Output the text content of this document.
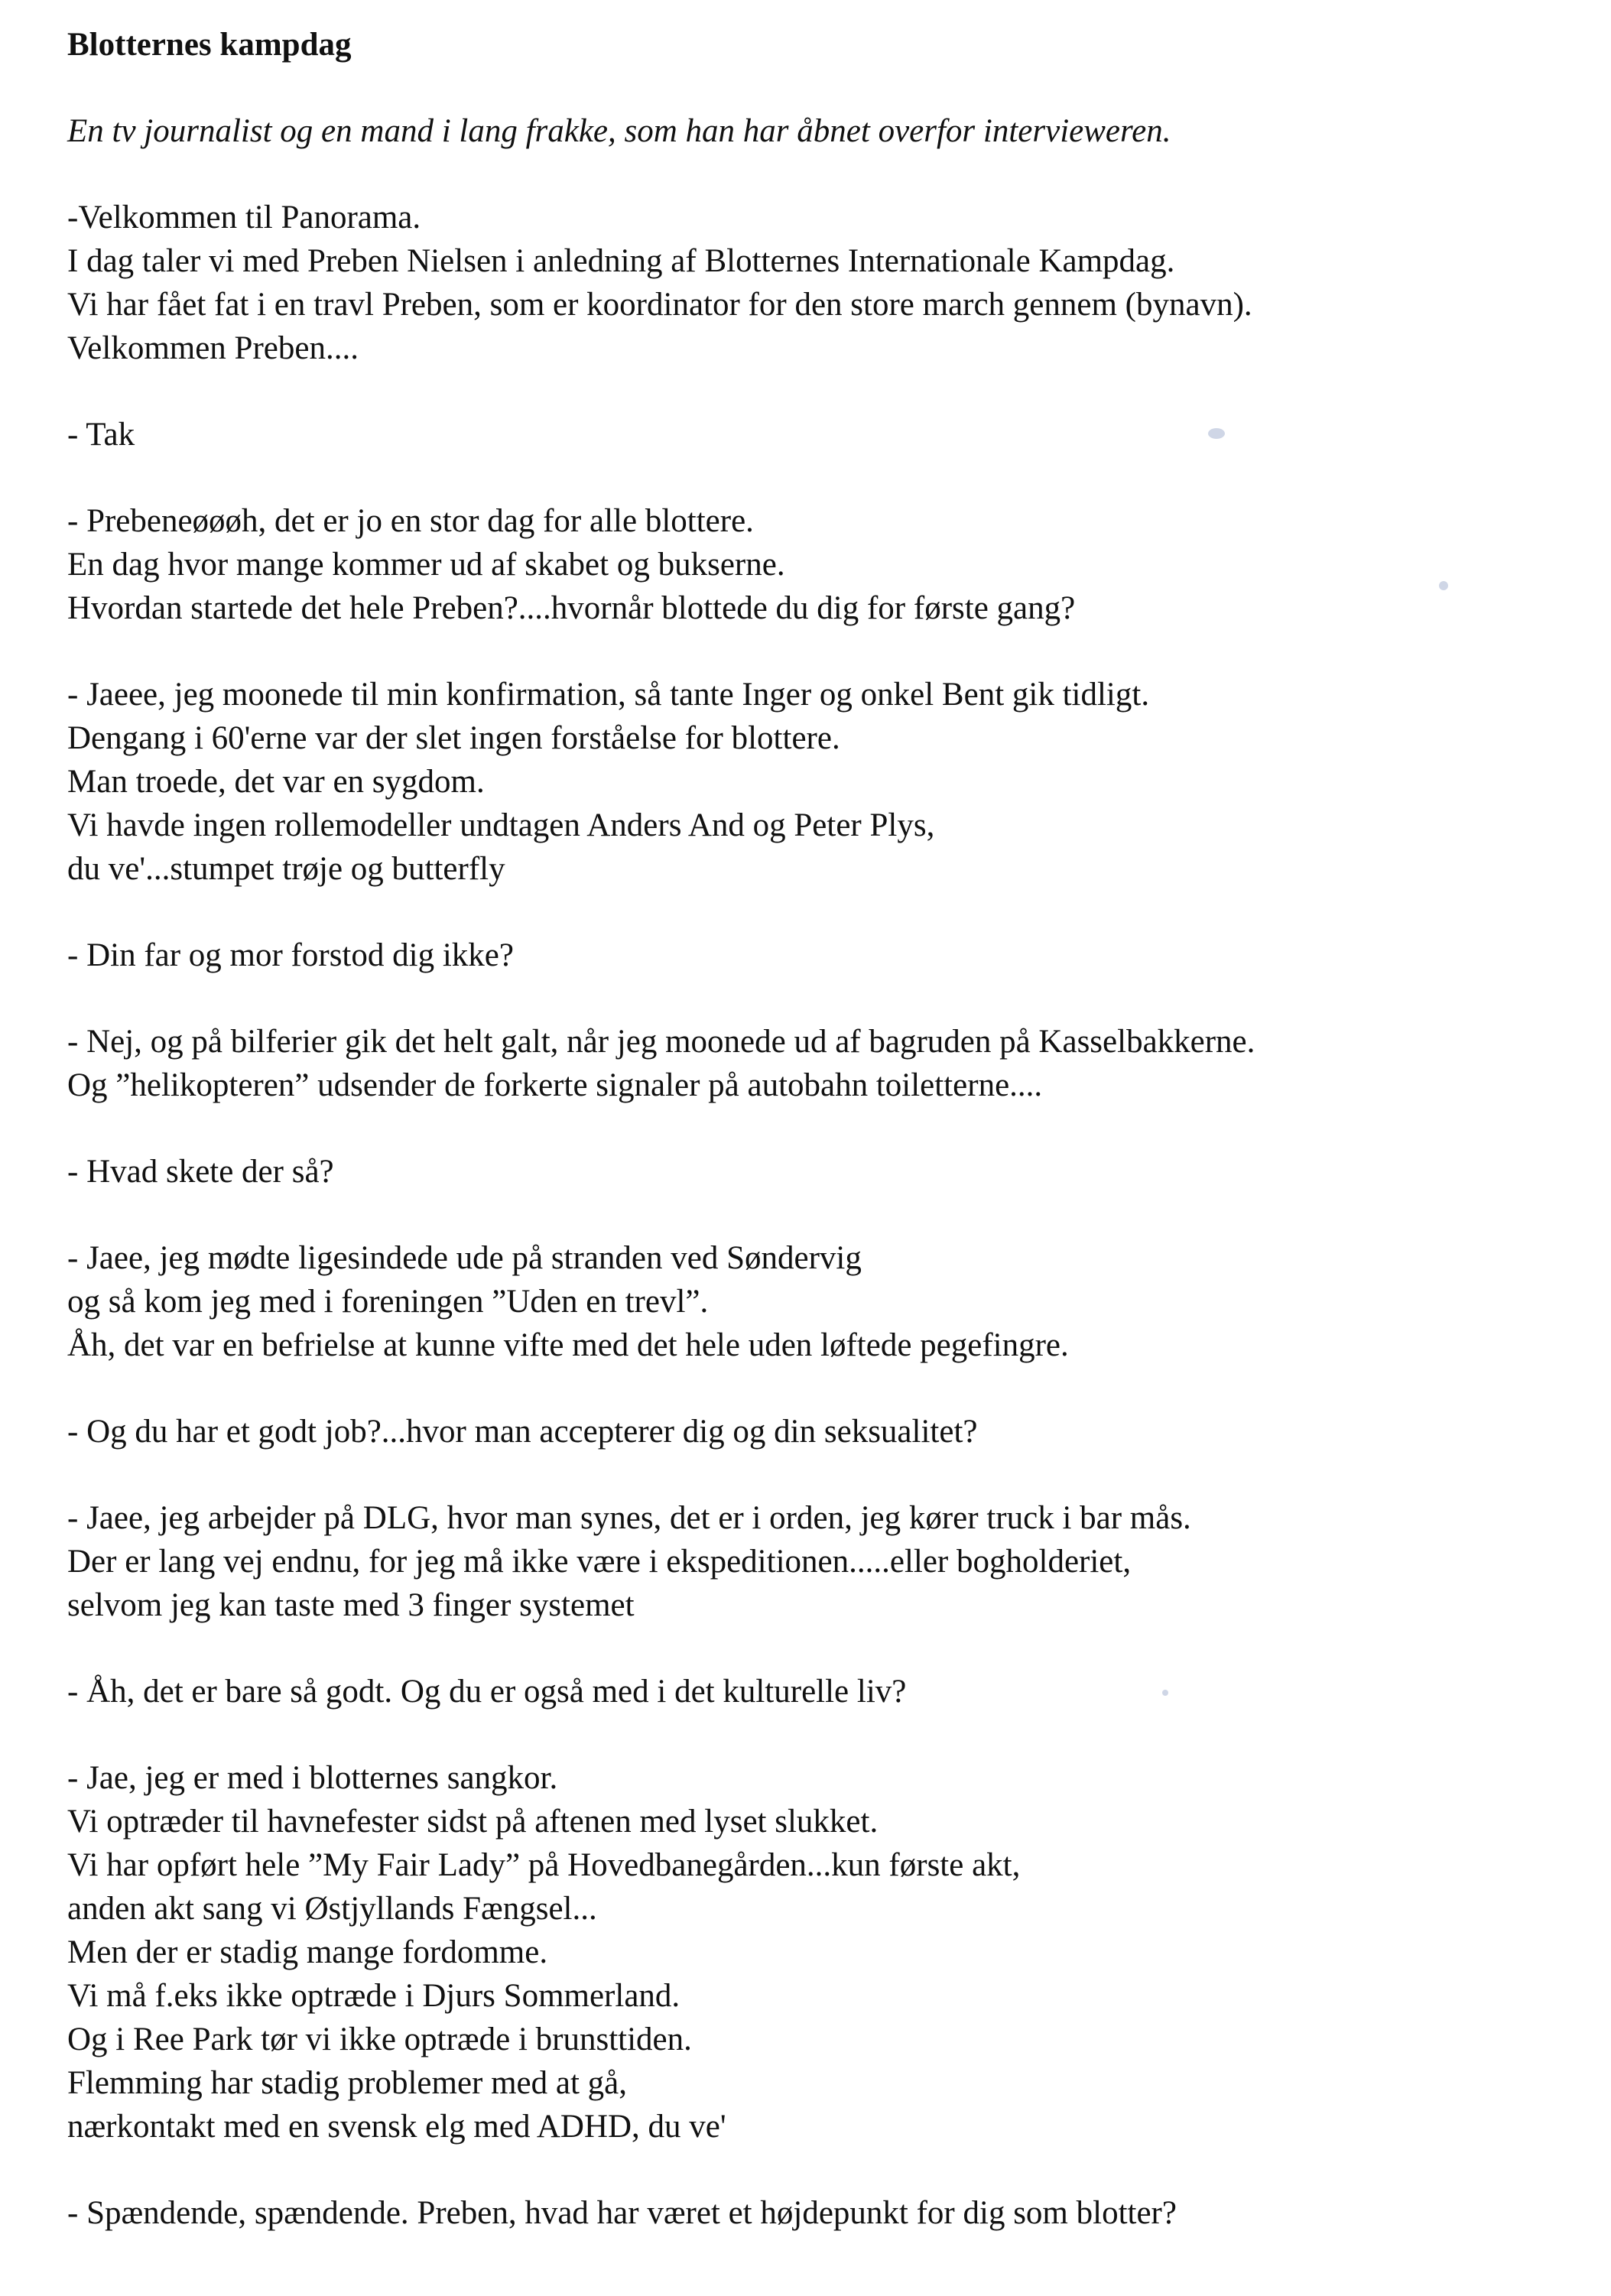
Blotternes kampdag

En tv journalist og en mand i lang frakke, som han har åbnet overfor intervieweren.

-Velkommen til Panorama.
I dag taler vi med Preben Nielsen i anledning af Blotternes Internationale Kampdag.
Vi har fået fat i en travl Preben, som er koordinator for den store march gennem (bynavn).
Velkommen Preben....

- Tak

- Prebeneøøøh, det er jo en stor dag for alle blottere.
En dag hvor mange kommer ud af skabet og bukserne.
Hvordan startede det hele Preben?....hvornår blottede du dig for første gang?

- Jaeee, jeg moonede til min konfirmation, så tante Inger og onkel Bent gik tidligt.
Dengang i 60'erne var der slet ingen forståelse for blottere.
Man troede, det var en sygdom.
Vi havde ingen rollemodeller undtagen Anders And og Peter Plys,
du ve'...stumpet trøje og butterfly

- Din far og mor forstod dig ikke?

- Nej, og på bilferier gik det helt galt, når jeg moonede ud af bagruden på Kasselbakkerne.
Og ”helikopteren” udsender de forkerte signaler på autobahn toiletterne....

- Hvad skete der så?

- Jaee, jeg mødte ligesindede ude på stranden ved Søndervig
og så kom jeg med i foreningen ”Uden en trevl”.
Åh, det var en befrielse at kunne vifte med det hele uden løftede pegefingre.

- Og du har et godt job?...hvor man accepterer dig og din seksualitet?

- Jaee, jeg arbejder på DLG, hvor man synes, det er i orden, jeg kører truck i bar mås.
Der er lang vej endnu, for jeg må ikke være i ekspeditionen.....eller bogholderiet,
selvom jeg kan taste med 3 finger systemet

- Åh, det er bare så godt. Og du er også med i det kulturelle liv?

- Jae, jeg er med i blotternes sangkor.
Vi optræder til havnefester sidst på aftenen med lyset slukket.
Vi har opført hele ”My Fair Lady” på Hovedbanegården...kun første akt,
anden akt sang vi Østjyllands Fængsel...
Men der er stadig mange fordomme.
Vi må f.eks ikke optræde i Djurs Sommerland.
Og i Ree Park tør vi ikke optræde i brunsttiden.
Flemming har stadig problemer med at gå,
nærkontakt med en svensk elg med ADHD, du ve'

- Spændende, spændende. Preben, hvad har været et højdepunkt for dig som blotter?
